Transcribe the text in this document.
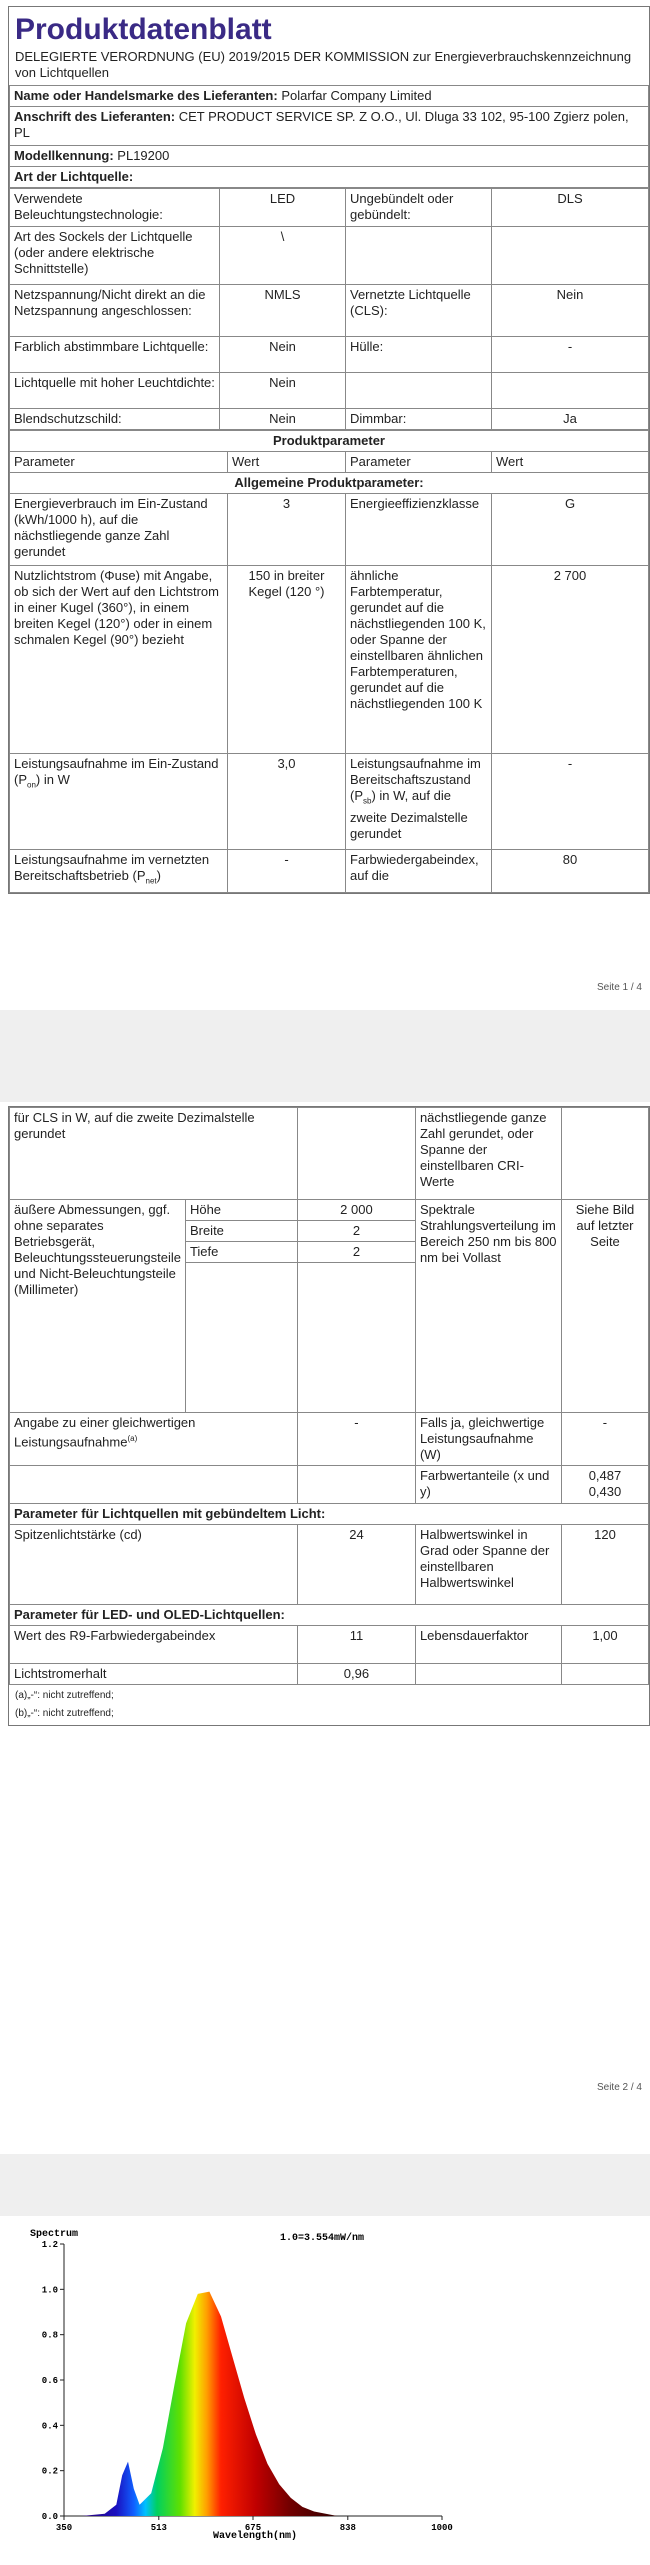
Produktdatenblatt
DELEGIERTE VERORDNUNG (EU) 2019/2015 DER KOMMISSION zur Energieverbrauchskennzeichnung von Lichtquellen
Name oder Handelsmarke des Lieferanten: Polarfar Company Limited
Anschrift des Lieferanten: CET PRODUCT SERVICE SP. Z O.O., Ul. Dluga 33 102, 95-100 Zgierz polen, PL
Modellkennung: PL19200
Art der Lichtquelle:
Verwendete Beleuchtungstechnologie:	LED	Ungebündelt oder gebündelt:	DLS
Art des Sockels der Lichtquelle (oder andere elektrische Schnittstelle)	\		
Netzspannung/Nicht direkt an die Netzspannung angeschlossen:	NMLS	Vernetzte Lichtquelle (CLS):	Nein
Farblich abstimmbare Lichtquelle:	Nein	Hülle:	-
Lichtquelle mit hoher Leuchtdichte:	Nein		
Blendschutzschild:	Nein	Dimmbar:	Ja
Produktparameter			
Parameter	Wert	Parameter	Wert
Allgemeine Produktparameter:			
Energieverbrauch im Ein-Zustand (kWh/1000 h), auf die nächstliegende ganze Zahl gerundet	3	Energieeffizienzklasse	G
Nutzlichtstrom (Φuse) mit Angabe, ob sich der Wert auf den Lichtstrom in einer Kugel (360°), in einem breiten Kegel (120°) oder in einem schmalen Kegel (90°) bezieht	150 in breiter Kegel (120 °)	ähnliche Farbtemperatur, gerundet auf die nächstliegenden 100 K, oder Spanne der einstellbaren ähnlichen Farbtemperaturen, gerundet auf die nächstliegenden 100 K	2 700
Leistungsaufnahme im Ein-Zustand $(P_{on})$ in W	3,0	Leistungsaufnahme im Bereitschaftszustand $(P_{sb})$ in W, auf die zweite Dezimalstelle gerundet	-
Leistungsaufnahme im vernetzten Bereitschaftsbetrieb $(P_{net})$	-	Farbwiedergabeindex, auf die	80
Seite 1 / 4
für CLS in W, auf die zweite Dezimalstelle gerundet			nächstliegende ganze Zahl gerundet, oder Spanne der einstellbaren CRI-Werte	
äußere Abmessungen, ggf. ohne separates Betriebsgerät, Beleuchtungssteuerungsteile und Nicht-Beleuchtungsteile (Millimeter)	Höhe	2 000	Spektrale Strahlungsverteilung im Bereich 250 nm bis 800 nm bei Vollast	Siehe Bild auf letzter Seite
	Breite	2		
	Tiefe	2		

Angabe zu einer gleichwertigen Leistungsaufnahme$^{(a)}$		-	Falls ja, gleichwertige Leistungsaufnahme (W)	-
			Farbwertanteile (x und y)	0,487
0,430

Parameter für Lichtquellen mit gebündeltem Licht:				
Spitzenlichtstärke (cd)		24	Halbwertswinkel in Grad oder Spanne der einstellbaren Halbwertswinkel	120
Parameter für LED- und OLED-Lichtquellen:				
Wert des R9-Farbwiedergabeindex		11	Lebensdauerfaktor	1,00
Lichtstromerhalt		0,96		
(a)„-“: nicht zutreffend;
(b)„-“: nicht zutreffend;
Seite 2 / 4
Spectrum	1.0=3.554mW/nm
Wavelength(nm)
0.0
0.2
0.4
0.6
0.8
1.0
1.2
350	513	675	838	1000
